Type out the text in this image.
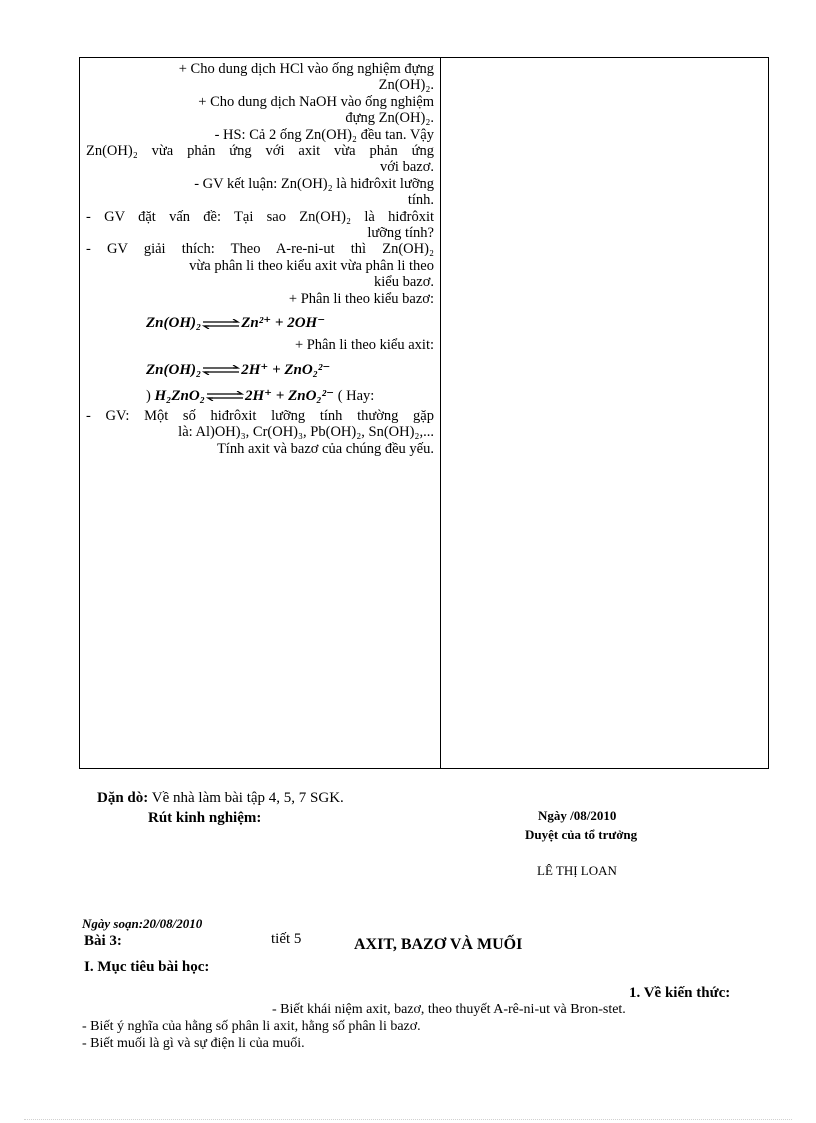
+ Cho dung dịch HCl vào ống nghiệm đựng

Zn(OH)₂.

+ Cho dung dịch NaOH vào ống nghiệm

đựng Zn(OH)₂.

- HS: Cả 2 ống Zn(OH)₂ đều tan. Vậy

Zn(OH)₂ vừa phản ứng với axit vừa phản ứng

với bazơ.

- GV kết luận: Zn(OH)₂ là hiđrôxit lưỡng

tính.

- GV đặt vấn đề: Tại sao Zn(OH)₂ là hiđrôxit

lưỡng tính?

- GV giải thích: Theo A-re-ni-ut thì Zn(OH)₂

vừa phân li theo kiểu axit vừa phân li theo

kiểu bazơ.

+ Phân li theo kiểu bazơ:

Zn(OH)₂⇌Zn²⁺ + 2OH⁻

+ Phân li theo kiểu axit:

Zn(OH)₂⇌2H⁺ + ZnO₂²⁻
) H₂ZnO₂⇌2H⁺ + ZnO₂²⁻ ( Hay:

- GV: Một số hiđrôxit lưỡng tính thường gặp

là: Al)OH)₃, Cr(OH)₃, Pb(OH)₂, Sn(OH)₂,...

Tính axit và bazơ của chúng đều yếu.

Dặn dò: Về nhà làm bài tập 4, 5, 7 SGK.
Rút kinh nghiệm:	Ngày /08/2010
Duyệt của tổ trưởng
LÊ THỊ LOAN
Ngày soạn:20/08/2010
Bài 3:	tiết 5	AXIT, BAZƠ VÀ MUỐI
I. Mục tiêu bài học:
1. Về kiến thức:
- Biết khái niệm axit, bazơ, theo thuyết A-rê-ni-ut và Bron-stet.
- Biết ý nghĩa của hằng số phân li axit, hằng số phân li bazơ.
- Biết muối là gì và sự điện li của muối.
